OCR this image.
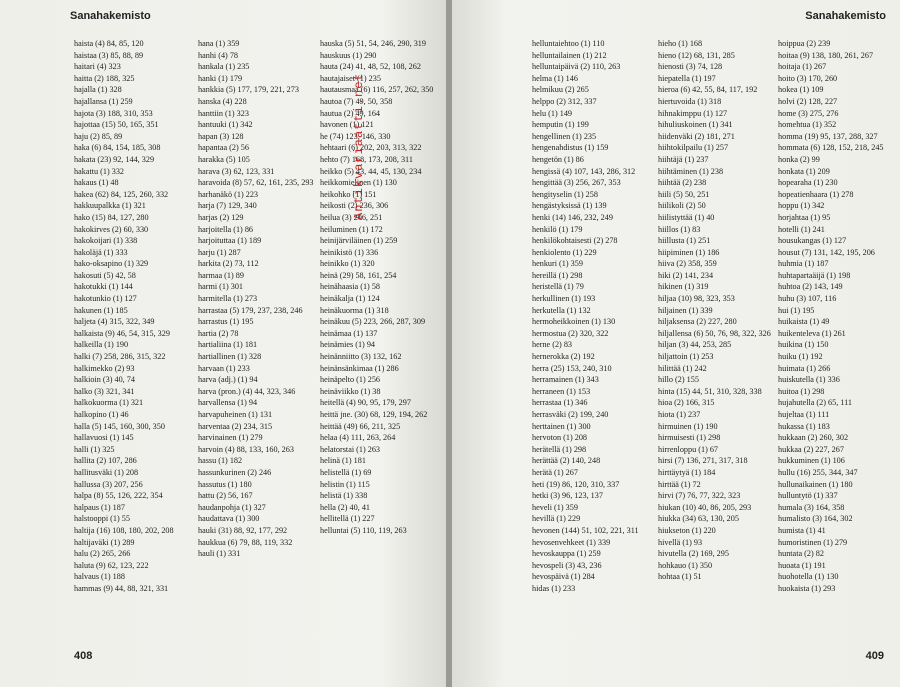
Sanahakemisto
haista (4) 84, 85, 120
haistaa (3) 85, 88, 89
haitari (4) 323
haitta (2) 188, 325
hajalla (1) 328
hajallansa (1) 259
hajota (3) 188, 310, 353
hajottaa (15) 50, 165, 351
haju (2) 85, 89
haka (6) 84, 154, 185, 308
hakata (23) 92, 144, 329
hakattu (1) 332
hakaus (1) 48
hakea (62) 84, 125, 260, 332
hakkuupalkka (1) 321
hako (15) 84, 127, 280
hakokirves (2) 60, 330
hakokoijari (1) 338
hakoläjä (1) 333
hako-oksapino (1) 329
hakosuti (5) 42, 58
hakotukki (1) 144
hakotunkio (1) 127
hakunen (1) 185
haljeta (4) 315, 322, 349
halkaista (9) 46, 54, 315, 329
halkeilla (1) 190
halki (7) 258, 286, 315, 322
halkimekko (2) 93
halkioin (3) 40, 74
halko (3) 321, 341
halkokuorma (1) 321
halkopino (1) 46
halla (5) 145, 160, 300, 350
hallavuosi (1) 145
halli (1) 325
hallita (2) 107, 286
hallitusväki (1) 208
hallussa (3) 207, 256
halpa (8) 55, 126, 222, 354
halpaus (1) 187
halstooppi (1) 55
haltija (16) 108, 180, 202, 208
haltijaväki (1) 289
halu (2) 265, 266
haluta (9) 62, 123, 222
halvaus (1) 188
hammas (9) 44, 88, 321, 331
hana (1) 359
hanhi (4) 78
hankala (1) 235
hanki (1) 179
hankkia (5) 177, 179, 221, 273
hanska (4) 228
hanttiin (1) 323
hantuuki (1) 342
hapan (3) 128
hapantaa (2) 56
harakka (5) 105
harava (3) 62, 123, 331
haravoida (8) 57, 62, 161, 235, 293
harhanäkö (1) 223
harja (7) 129, 340
harjas (2) 129
harjoitella (1) 86
harjoituttaa (1) 189
harju (1) 287
harkita (2) 73, 112
harmaa (1) 89
harmi (1) 301
harmitella (1) 273
harrastaa (5) 179, 237, 238, 246
harrastus (1) 195
hartia (2) 78
hartialiina (1) 181
hartiallinen (1) 328
harvaan (1) 233
harva (adj.) (1) 94
harva (pron.) (4) 44, 323, 346
harvallensa (1) 94
harvapuheinen (1) 131
harventaa (2) 234, 315
harvinainen (1) 279
harvoin (4) 88, 133, 160, 263
hassu (1) 182
hassunkurinen (2) 246
hassutus (1) 180
hattu (2) 56, 167
haudanpohja (1) 327
haudattava (1) 300
hauki (31) 88, 92, 177, 292
haukkua (6) 79, 88, 119, 332
hauli (1) 331
hauska (5) 51, 54, 246, 290, 319
hauskuus (1) 290
hauta (24) 41, 48, 52, 108, 262
hautajaiset (1) 235
hautausmaa (6) 116, 257, 262, 350
hautoa (7) 49, 50, 358
hautua (2) 49, 164
havonen (1) 121
he (74) 123, 146, 330
hehtaari (6) 202, 203, 313, 322
hehto (7) 168, 173, 208, 311
heikko (5) 43, 44, 45, 130, 234
heikkomielinen (1) 130
heikohko (1) 151
heikosti (2) 236, 306
heilua (3) 206, 251
heiluminen (1) 172
heinijärviläinen (1) 259
heinikistö (1) 336
heinikko (1) 320
heinä (29) 58, 161, 254
heinähaasia (1) 58
heinäkalja (1) 124
heinäkuorma (1) 318
heinäkuu (5) 223, 266, 287, 309
heinämaa (1) 137
heinämies (1) 94
heinänniitto (3) 132, 162
heinänsänkimaa (1) 286
heinäpelto (1) 256
heinäviikko (1) 38
heitellä (4) 90, 95, 179, 297
heittä jne. (30) 68, 129, 194, 262
heittää (49) 66, 211, 325
helaa (4) 111, 263, 264
helatorstai (1) 263
helinä (1) 181
helistellä (1) 69
helistin (1) 115
helistä (1) 338
hella (2) 40, 41
hellitellä (1) 227
helluntai (5) 110, 119, 263
Antikvariaatti.net
408
Sanahakemisto
helluntaiehtoo (1) 110
helluntailainen (1) 212
helluntaipäivä (2) 110, 263
helma (1) 146
helmikuu (2) 265
helppo (2) 312, 337
helu (1) 149
hemputin (1) 199
hengellinen (1) 235
hengenahdistus (1) 159
hengetön (1) 86
hengissä (4) 107, 143, 286, 312
hengittää (3) 256, 267, 353
hengityselin (1) 258
hengästyksissä (1) 139
henki (14) 146, 232, 249
henkilö (1) 179
henkilökohtaisesti (2) 278
henkiolento (1) 229
henkuri (1) 359
hereillä (1) 298
heristellä (1) 79
herkullinen (1) 193
herkutella (1) 132
hermoheikkoinen (1) 130
hermostua (2) 320, 322
herne (2) 83
hernerokka (2) 192
herra (25) 153, 240, 310
herramainen (1) 343
herraneen (1) 153
herrastaa (1) 346
herrasväki (2) 199, 240
herttainen (1) 300
hervoton (1) 208
herätellä (1) 298
herättää (2) 140, 248
herätä (1) 267
heti (19) 86, 120, 310, 337
hetki (3) 96, 123, 137
heveli (1) 359
hevillä (1) 229
hevonen (144) 51, 102, 221, 311
hevosenvehkeet (1) 339
hevoskauppa (1) 259
hevospeli (3) 43, 236
hevospäivä (1) 284
hidas (1) 233
hieho (1) 168
hieno (12) 68, 131, 285
hienosti (3) 74, 128
hiepatella (1) 197
hieroa (6) 42, 55, 84, 117, 192
hiertuvoida (1) 318
hihnakimppu (1) 127
hihuliuskoinen (1) 341
hiidenväki (2) 181, 271
hiihtokilpailu (1) 257
hiihtäjä (1) 237
hiihtäminen (1) 238
hiihtää (2) 238
hiili (5) 50, 251
hiilikoli (2) 50
hiilistyttää (1) 40
hiillos (1) 83
hiillusta (1) 251
hiipiminen (1) 186
hiiva (2) 358, 359
hiki (2) 141, 234
hikinen (1) 319
hiljaa (10) 98, 323, 353
hiljainen (1) 339
hiljaksensa (2) 227, 280
hiljallensa (6) 50, 76, 98, 322, 326
hiljan (3) 44, 253, 285
hiljattoin (1) 253
hilittää (1) 242
hillo (2) 155
hinta (15) 44, 51, 310, 328, 338
hioa (2) 166, 315
hiota (1) 237
hirmuinen (1) 190
hirmuisesti (1) 298
hirrenloppu (1) 67
hirsi (7) 136, 271, 317, 318
hirttäytyä (1) 184
hirttää (1) 72
hirvi (7) 76, 77, 322, 323
hiukan (10) 40, 86, 205, 293
hiukka (34) 63, 130, 205
hiukseton (1) 220
hivellä (1) 93
hivutella (2) 169, 295
hohkauo (1) 350
hohtaa (1) 51
hoippua (2) 239
hoitaa (9) 138, 180, 261, 267
hoitaja (1) 267
hoito (3) 170, 260
hokea (1) 109
holvi (2) 128, 227
home (3) 275, 276
homehtua (1) 352
homma (19) 95, 137, 288, 327
hommata (6) 128, 152, 218, 245
honka (2) 99
honkata (1) 209
hopearaha (1) 230
hopeatienhaara (1) 278
hoppu (1) 342
horjahtaa (1) 95
hotelli (1) 241
housukangas (1) 127
housut (7) 131, 142, 195, 206
huhmia (1) 187
huhtapartaäijä (1) 198
huhtoa (2) 143, 149
huhu (3) 107, 116
hui (1) 195
huikaista (1) 49
huikenteleva (1) 261
huikina (1) 150
huiku (1) 192
huimata (1) 266
huiskutella (1) 336
huitoa (1) 298
hujahutella (2) 65, 111
hujeltaa (1) 111
hukassa (1) 183
hukkaan (2) 260, 302
hukkaa (2) 227, 267
hukkuminen (1) 106
hullu (16) 255, 344, 347
hullunaikainen (1) 180
hulluntytö (1) 337
humala (3) 164, 358
humalisto (3) 164, 302
humista (1) 41
humoristinen (1) 279
huntata (2) 82
huoata (1) 191
huohotella (1) 130
huokaista (1) 293
409
